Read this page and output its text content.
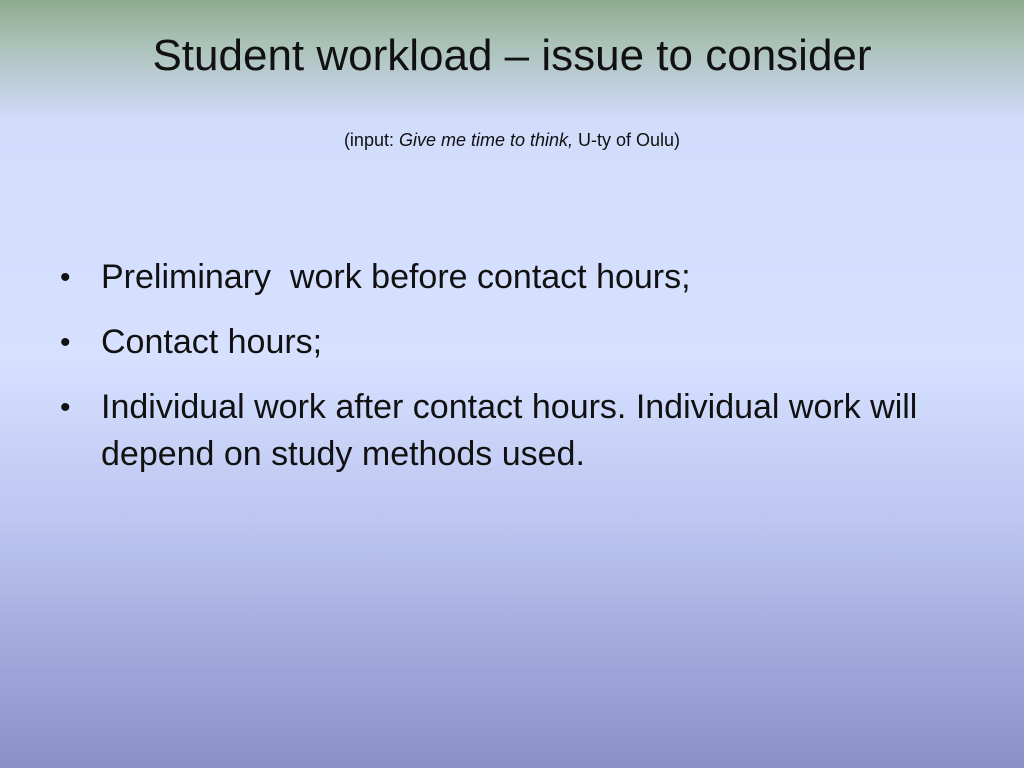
Student workload – issue to consider
(input: Give me time to think, U-ty of Oulu)
• Preliminary  work before contact hours;
• Contact hours;
• Individual work after contact hours. Individual work will depend on study methods used.
